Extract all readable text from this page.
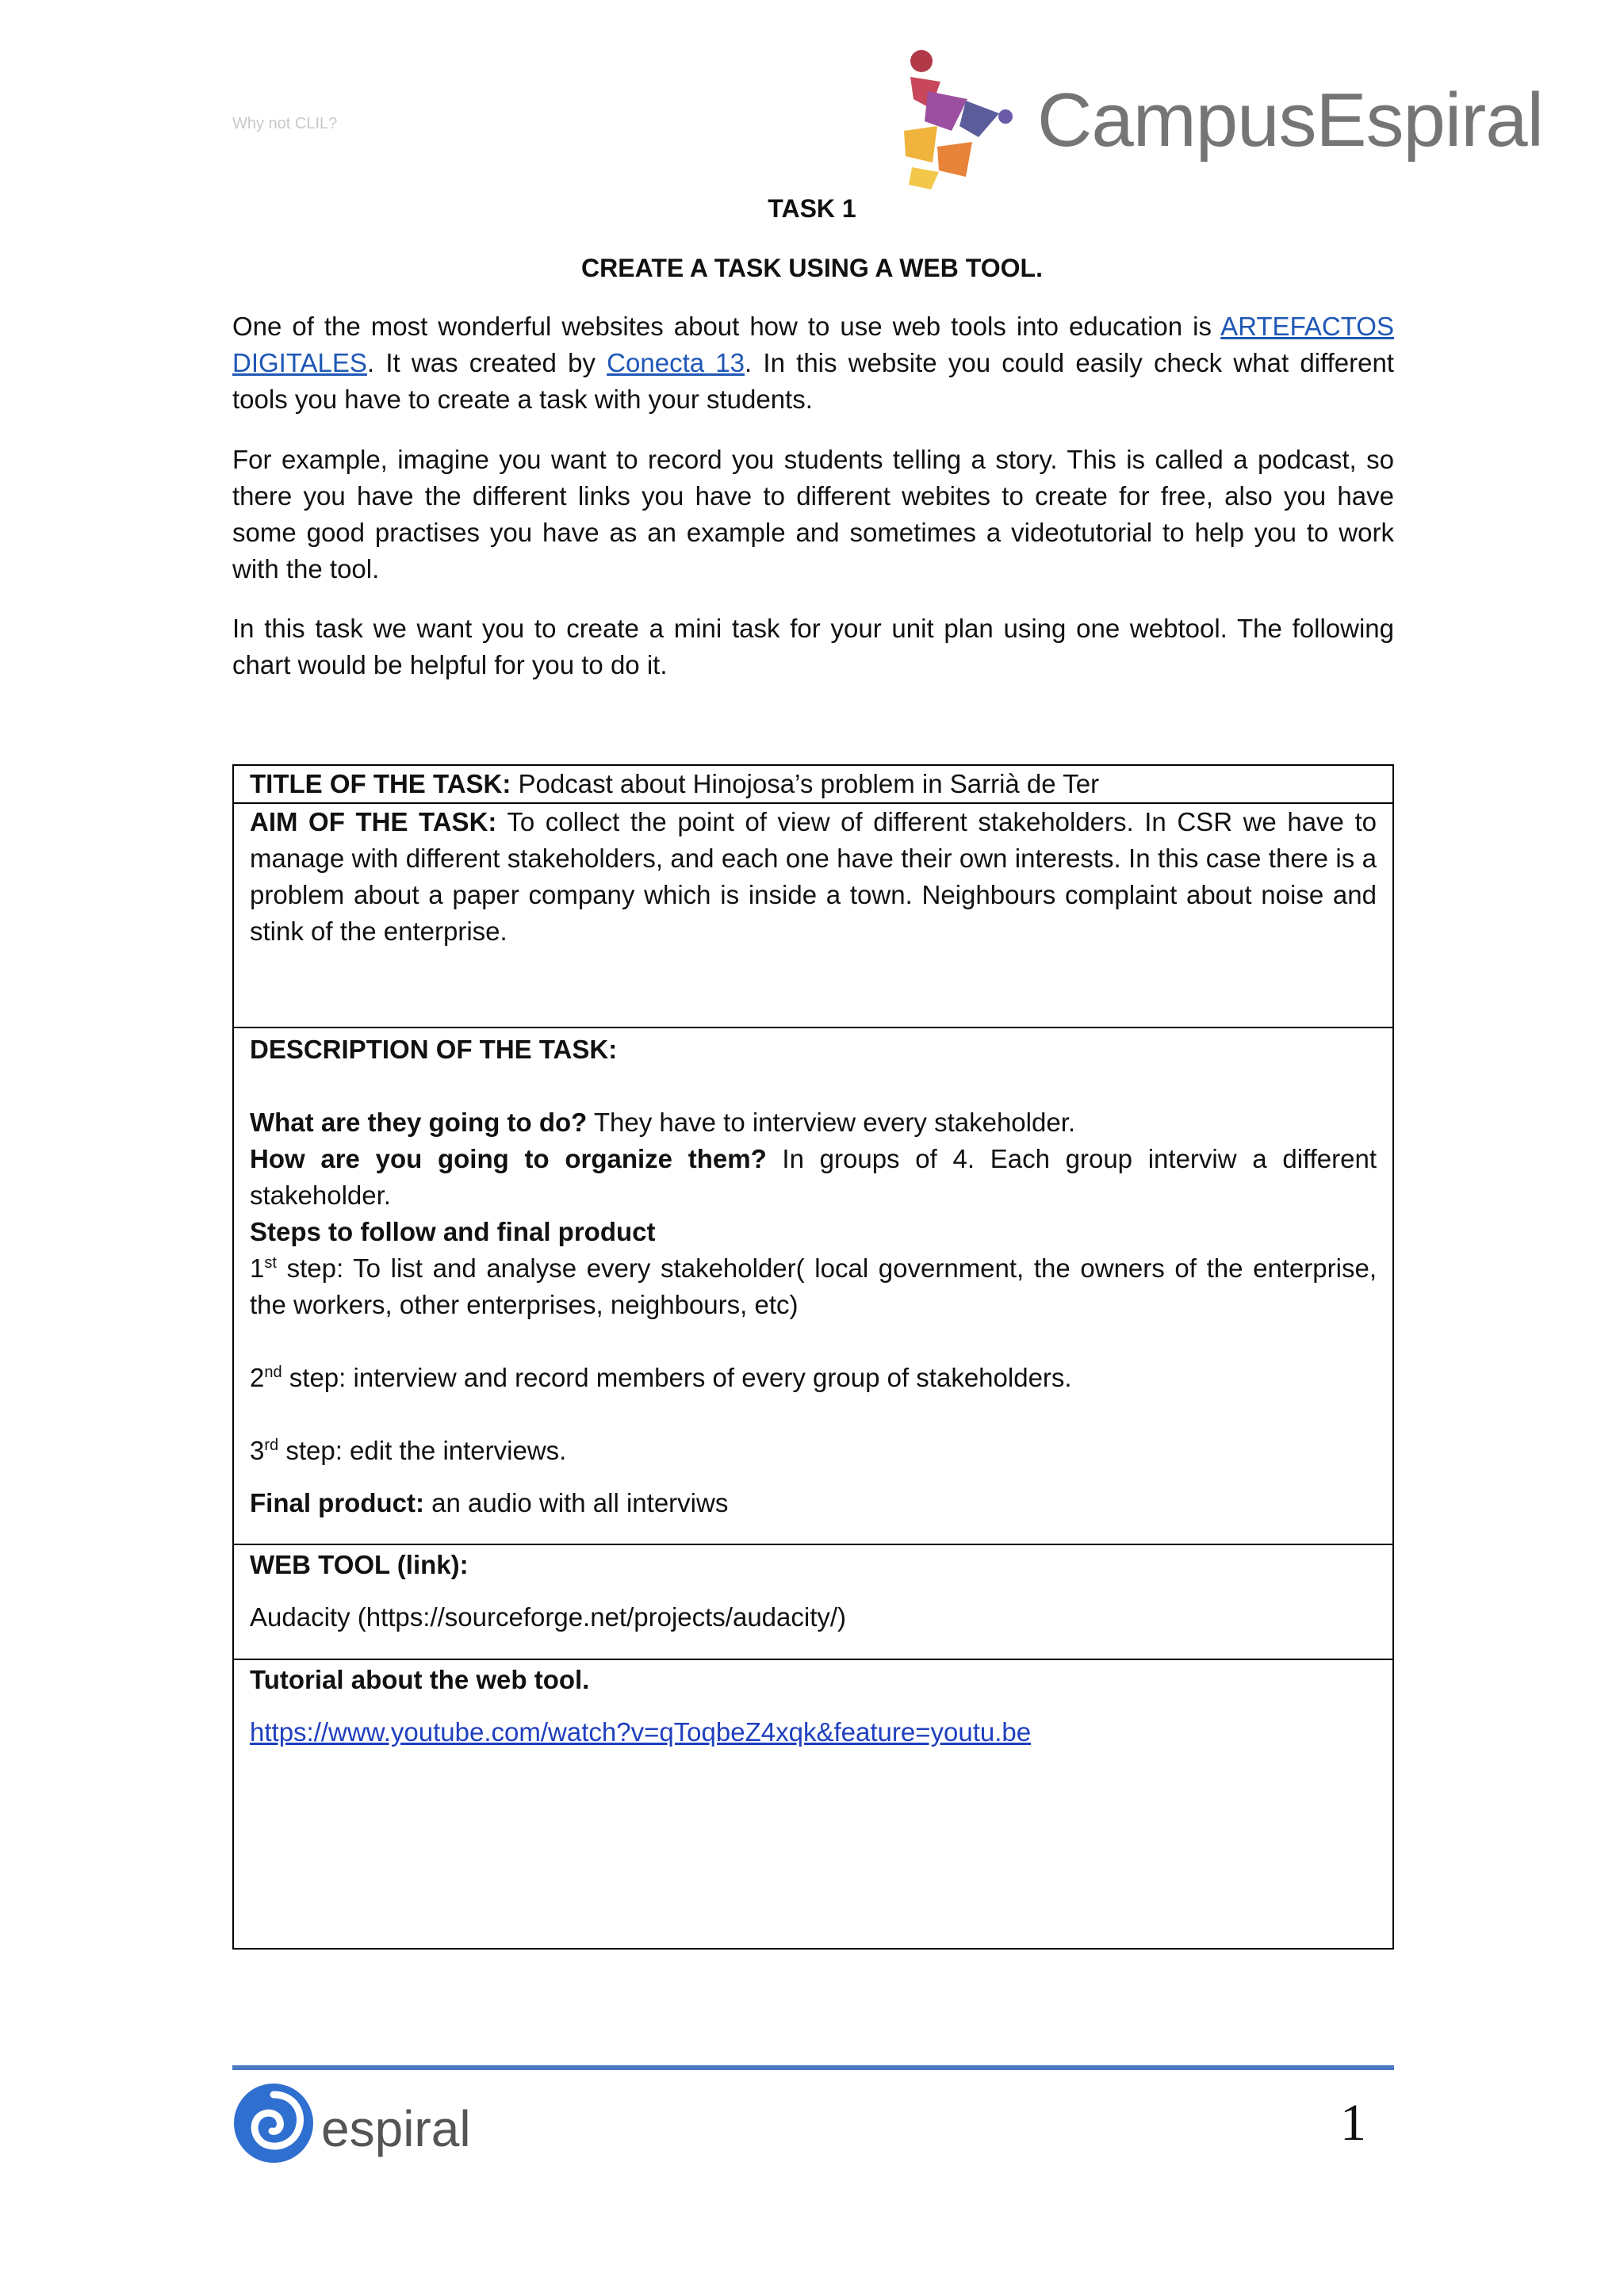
Why not CLIL?	CampusEspiral
TASK 1
CREATE A TASK USING A WEB TOOL.

One of the most wonderful websites about how to use web tools into education is ARTEFACTOS DIGITALES. It was created by Conecta 13. In this website you could easily check what different tools you have to create a task with your students.

For example, imagine you want to record you students telling a story. This is called a podcast, so there you have the different links you have to different webites to create for free, also you have some good practises you have as an example and sometimes a videotutorial to help you to work with the tool.

In this task we want you to create a mini task for your unit plan using one webtool. The following chart would be helpful for you to do it.

TITLE OF THE TASK: Podcast about Hinojosa’s problem in Sarrià de Ter
AIM OF THE TASK: To collect the point of view of different stakeholders. In CSR we have to manage with different stakeholders, and each one have their own interests. In this case there is a problem about a paper company which is inside a town. Neighbours complaint about noise and stink of the enterprise.
DESCRIPTION OF THE TASK:
What are they going to do? They have to interview every stakeholder.
How are you going to organize them? In groups of 4. Each group interviw a different stakeholder.
Steps to follow and final product
1st step: To list and analyse every stakeholder( local government, the owners of the enterprise, the workers, other enterprises, neighbours, etc)
2nd step: interview and record members of every group of stakeholders.
3rd step: edit the interviews.
Final product: an audio with all interviws
WEB TOOL (link):
Audacity (https://sourceforge.net/projects/audacity/)
Tutorial about the web tool.
https://www.youtube.com/watch?v=qToqbeZ4xqk&feature=youtu.be
espiral	1
